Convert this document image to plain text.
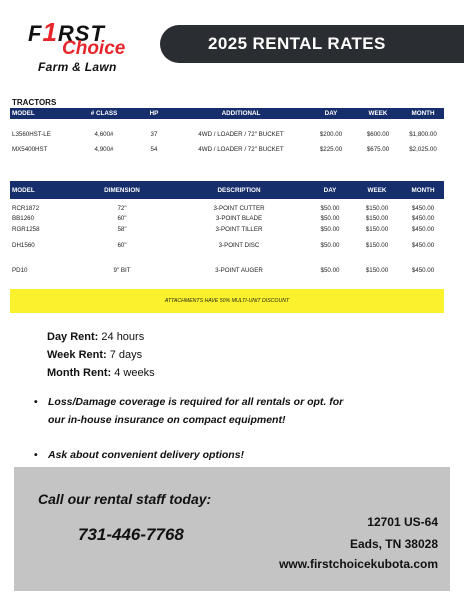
F1RST
Choice
Farm & Lawn
2025 RENTAL RATES
TRACTORS
MODEL	# CLASS	HP	ADDITIONAL	DAY	WEEK	MONTH
L3560HST-LE	4,600#	37	4WD / LOADER / 72" BUCKET	$200.00	$600.00	$1,800.00
MX5400HST	4,900#	54	4WD / LOADER / 72" BUCKET	$225.00	$675.00	$2,025.00
MODEL	DIMENSION	DESCRIPTION	DAY	WEEK	MONTH
RCR1872	72"	3-POINT CUTTER	$50.00	$150.00	$450.00
BB1260	60"	3-POINT BLADE	$50.00	$150.00	$450.00
RGR1258	58"	3-POINT TILLER	$50.00	$150.00	$450.00
DH1560	60"	3-POINT DISC	$50.00	$150.00	$450.00
PD10	9" BIT	3-POINT AUGER	$50.00	$150.00	$450.00
ATTACHMENTS HAVE 50% MULTI-UNIT DISCOUNT
Day Rent: 24 hours
Week Rent: 7 days
Month Rent: 4 weeks
• Loss/Damage coverage is required for all rentals or opt. for
our in-house insurance on compact equipment!
• Ask about convenient delivery options!
Call our rental staff today:
731-446-7768
12701 US-64
Eads, TN 38028
www.firstchoicekubota.com
